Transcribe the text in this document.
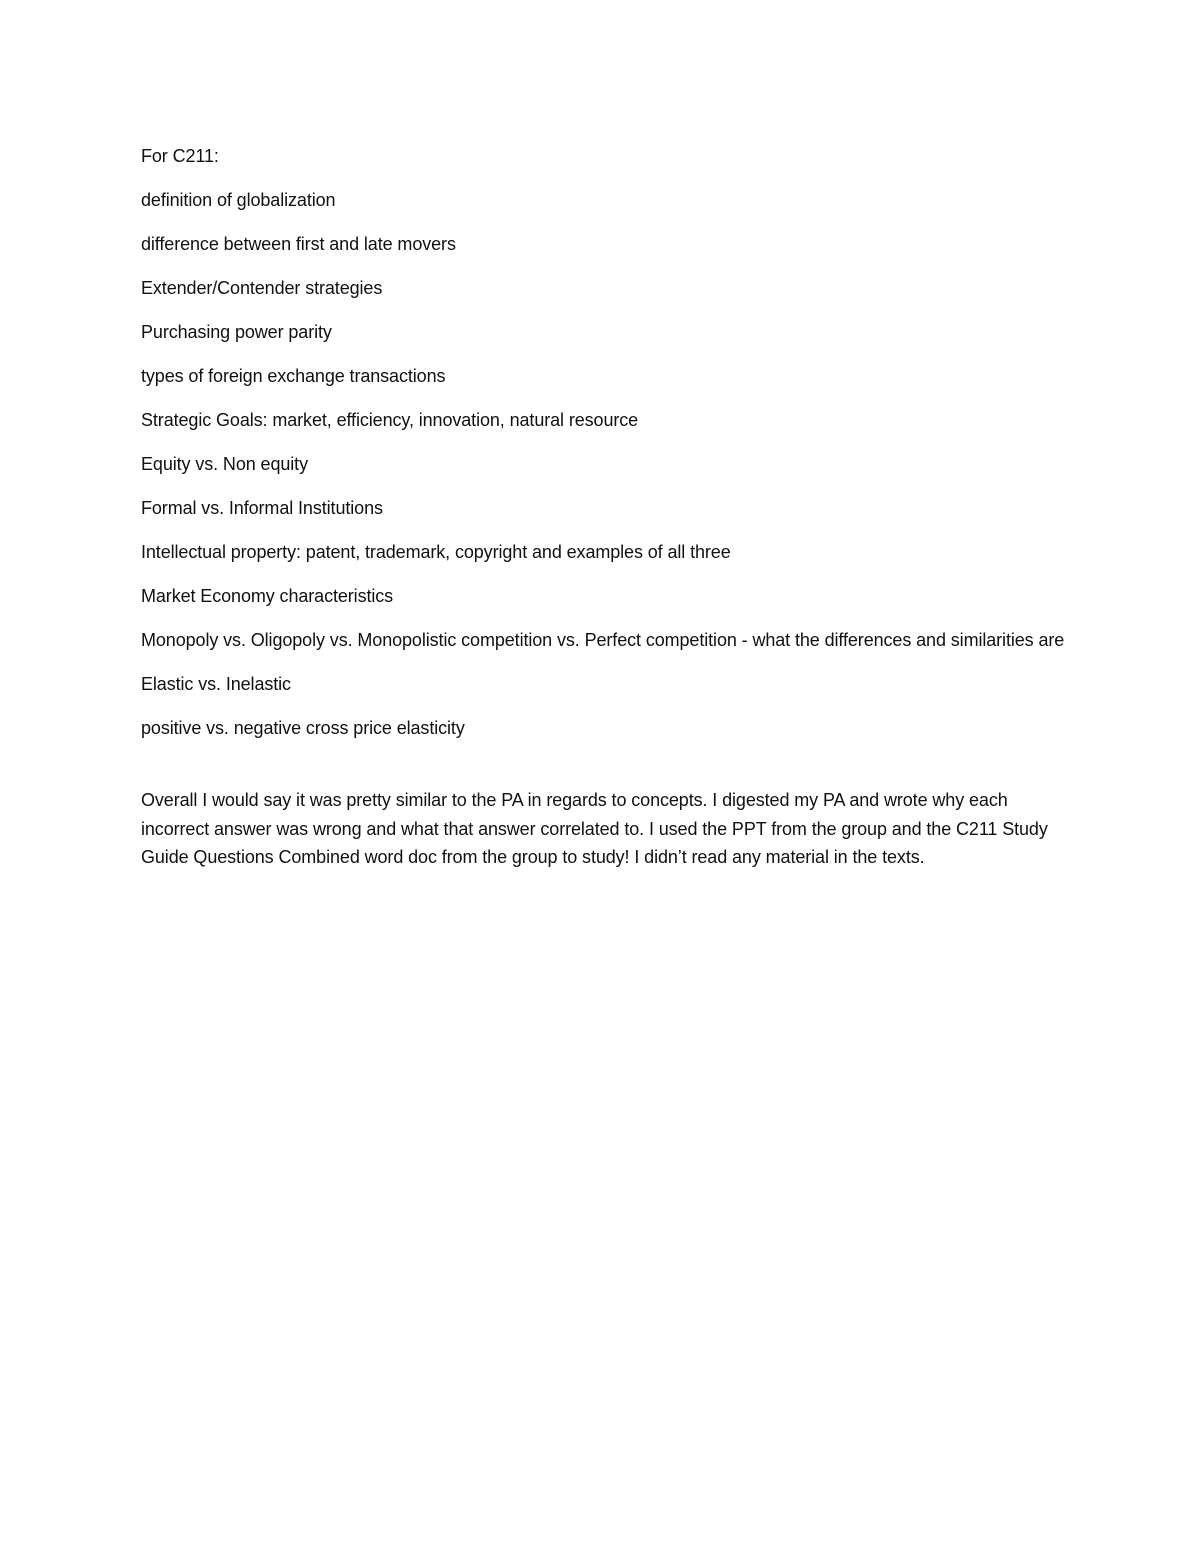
For C211:

definition of globalization
difference between first and late movers
Extender/Contender strategies
Purchasing power parity
types of foreign exchange transactions
Strategic Goals: market, efficiency, innovation, natural resource
Equity vs. Non equity
Formal vs. Informal Institutions
Intellectual property: patent, trademark, copyright and examples of all three
Market Economy characteristics
Monopoly vs. Oligopoly vs. Monopolistic competition vs. Perfect competition - what the differences and similarities are
Elastic vs. Inelastic
positive vs. negative cross price elasticity

Overall I would say it was pretty similar to the PA in regards to concepts. I digested my PA and wrote why each incorrect answer was wrong and what that answer correlated to. I used the PPT from the group and the C211 Study Guide Questions Combined word doc from the group to study! I didn’t read any material in the texts.
